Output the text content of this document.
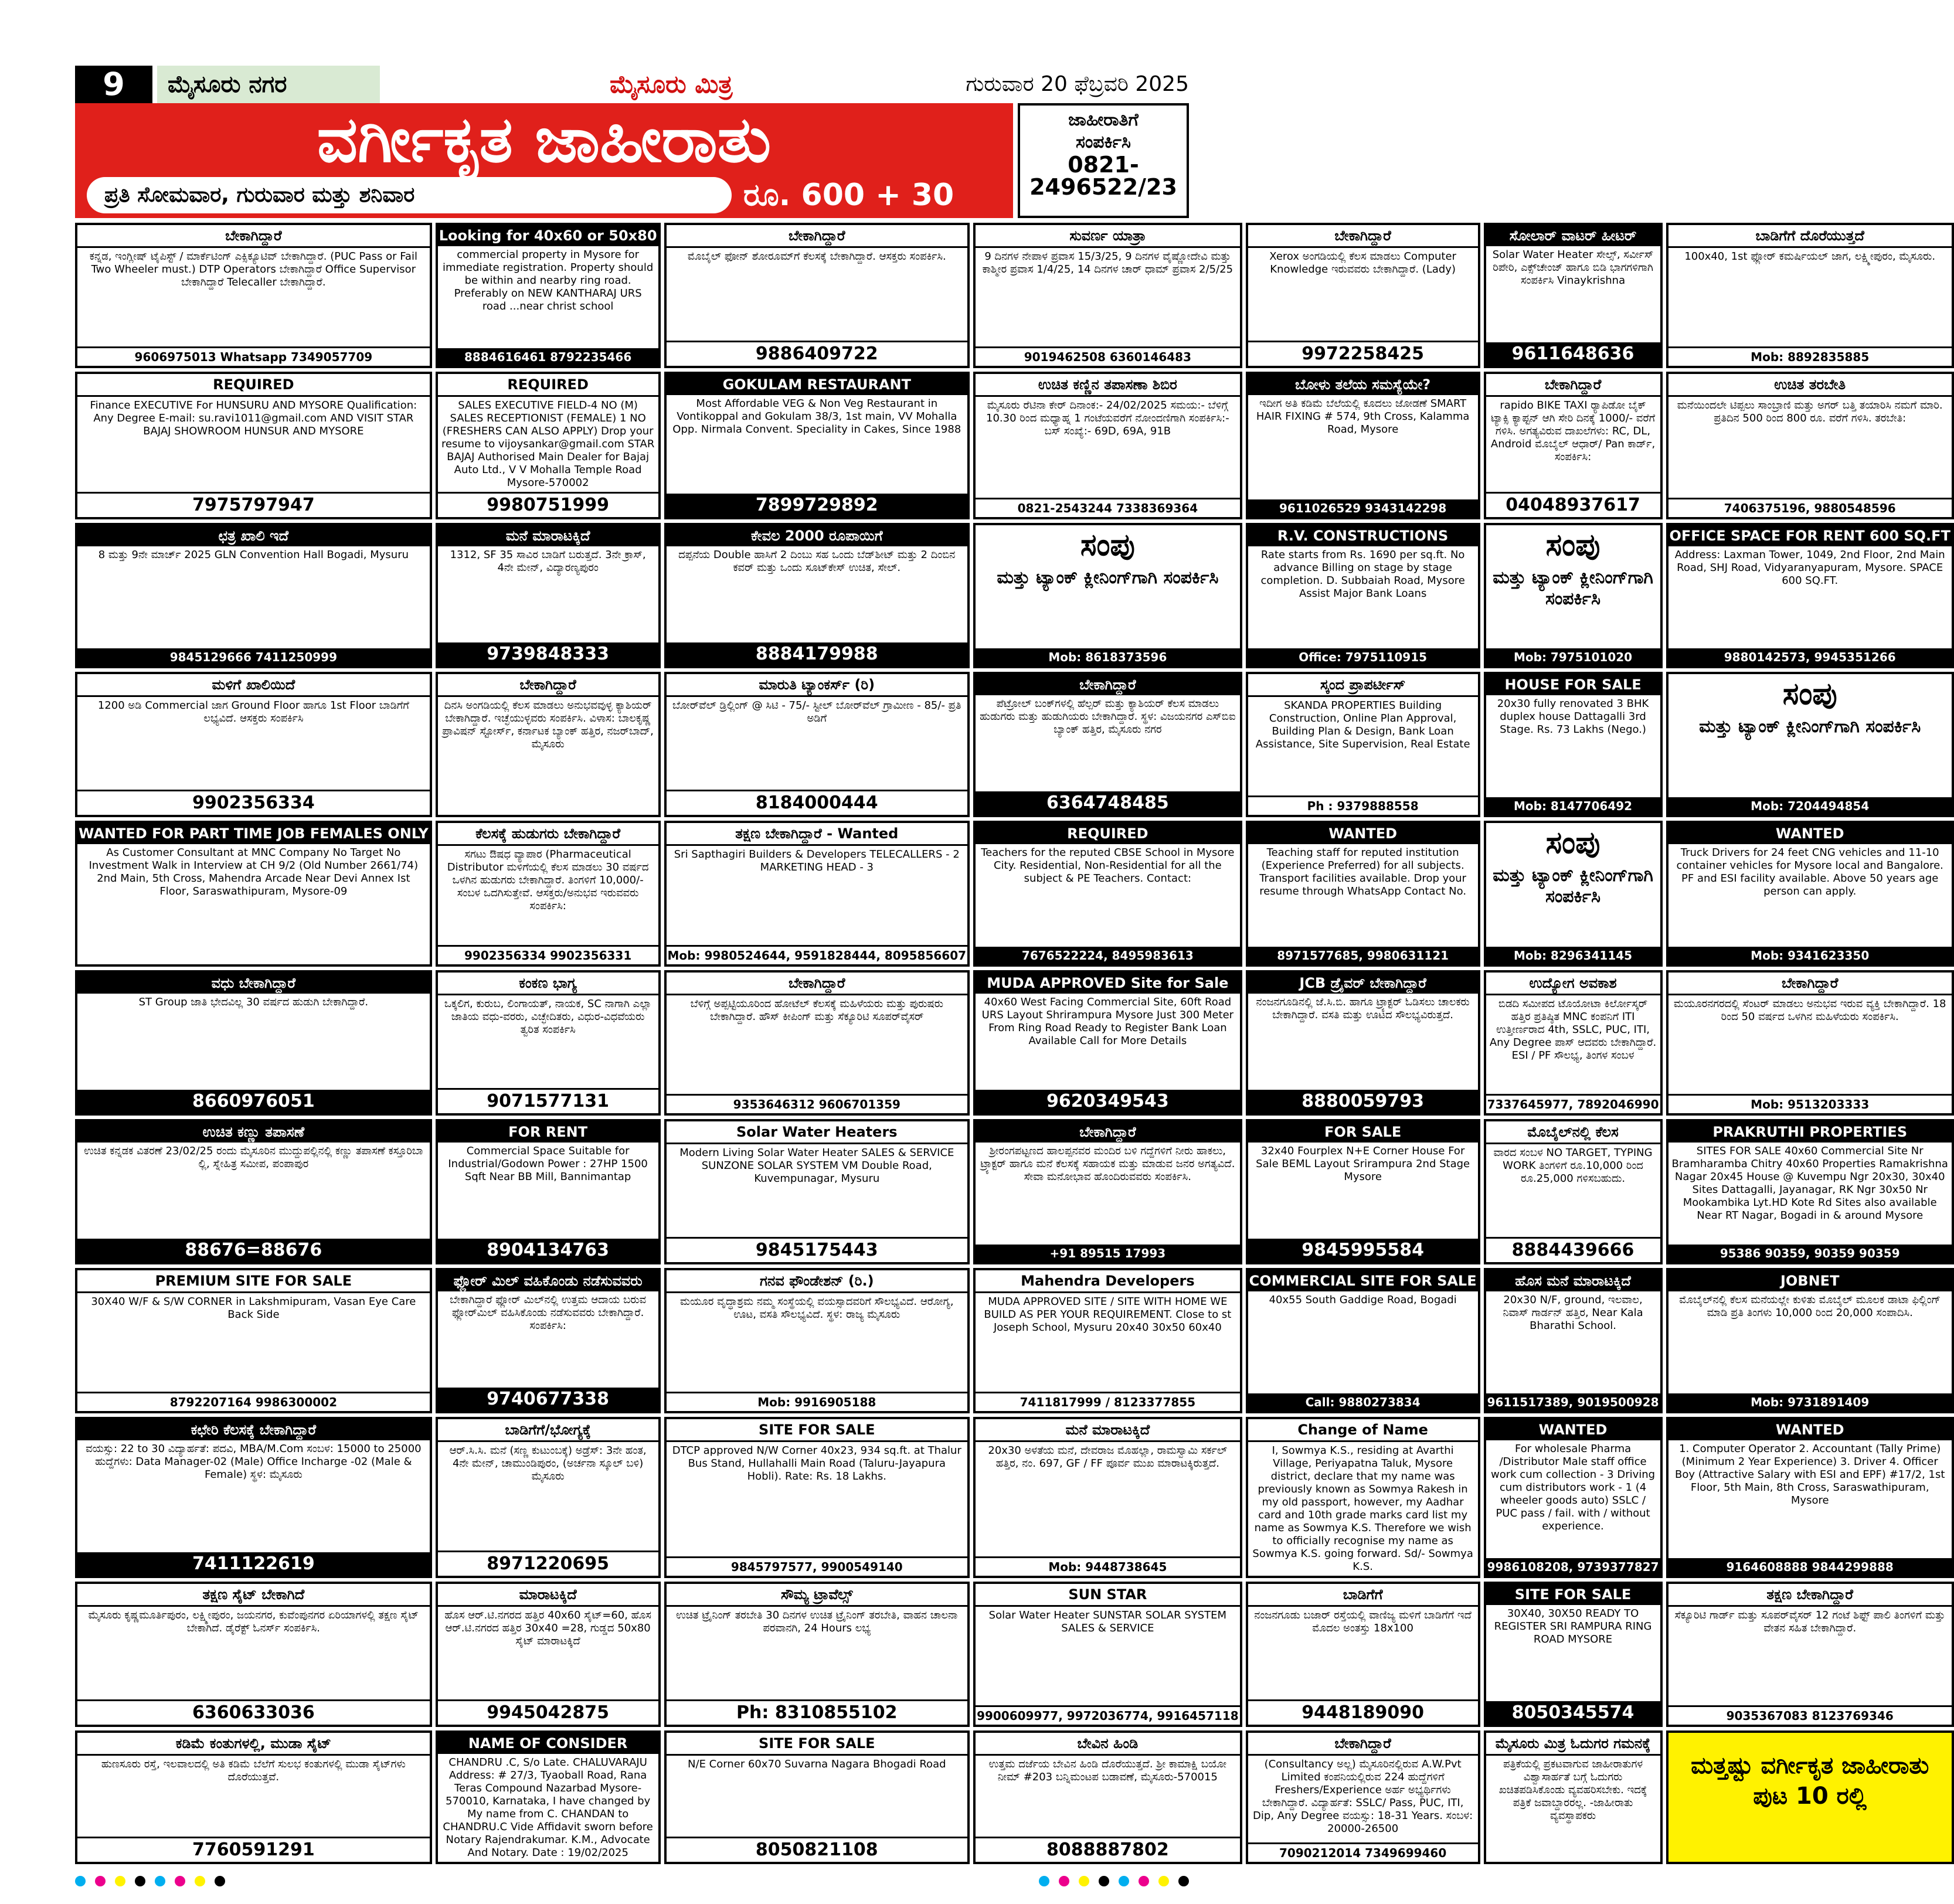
9	ಮೈಸೂರು ನಗರ	ಮೈಸೂರು ಮಿತ್ರ	ಗುರುವಾರ 20 ಫೆಬ್ರವರಿ 2025
ವರ್ಗೀಕೃತ ಜಾಹೀರಾತು
ಪ್ರತಿ ಸೋಮವಾರ, ಗುರುವಾರ ಮತ್ತು ಶನಿವಾರ	ರೂ. 600 + 30
ಜಾಹೀರಾತಿಗೆ
ಸಂಪರ್ಕಿಸಿ
0821-
2496522/23
ಬೇಕಾಗಿದ್ದಾರೆ
ಕನ್ನಡ, ಇಂಗ್ಲೀಷ್ ಟೈಪಿಸ್ಟ್ / ಮಾರ್ಕೆಟಿಂಗ್ ಎಕ್ಸಿಕ್ಯೂಟಿವ್ ಬೇಕಾಗಿದ್ದಾರೆ. (PUC Pass or Fail Two Wheeler must.) DTP Operators ಬೇಕಾಗಿದ್ದಾರೆ Office Supervisor ಬೇಕಾಗಿದ್ದಾರೆ Telecaller ಬೇಕಾಗಿದ್ದಾರೆ.
9606975013 Whatsapp 7349057709
Looking for 40x60 or 50x80
commercial property in Mysore for immediate registration. Property should be within and nearby ring road. Preferably on NEW KANTHARAJ URS road ...near christ school
8884616461 8792235466
ಬೇಕಾಗಿದ್ದಾರೆ
ಮೊಬೈಲ್ ಫೋನ್ ಶೋರೂಮ್‌ಗೆ ಕೆಲಸಕ್ಕೆ ಬೇಕಾಗಿದ್ದಾರೆ. ಆಸಕ್ತರು ಸಂಪರ್ಕಿಸಿ.
9886409722
ಸುವರ್ಣ ಯಾತ್ರಾ
9 ದಿನಗಳ ನೇಪಾಳ ಪ್ರವಾಸ 15/3/25, 9 ದಿನಗಳ ವೈಷ್ಣೋದೇವಿ ಮತ್ತು ಕಾಶ್ಮೀರ ಪ್ರವಾಸ 1/4/25, 14 ದಿನಗಳ ಚಾರ್ ಧಾಮ್ ಪ್ರವಾಸ 2/5/25
9019462508 6360146483
ಬೇಕಾಗಿದ್ದಾರೆ
Xerox ಅಂಗಡಿಯಲ್ಲಿ ಕೆಲಸ ಮಾಡಲು Computer Knowledge ಇರುವವರು ಬೇಕಾಗಿದ್ದಾರೆ. (Lady)
9972258425
ಸೋಲಾರ್ ವಾಟರ್ ಹೀಟರ್
Solar Water Heater ಸೇಲ್ಸ್, ಸರ್ವೀಸ್ ರಿಪೇರಿ, ಎಕ್ಸ್‌ಚೇಂಜ್ ಹಾಗೂ ಬಿಡಿ ಭಾಗಗಳಿಗಾಗಿ ಸಂಪರ್ಕಿಸಿ Vinaykrishna
9611648636
ಬಾಡಿಗೆಗೆ ದೊರೆಯುತ್ತದೆ
100x40, 1st ಫ್ಲೋರ್ ಕಮರ್ಷಿಯಲ್ ಜಾಗ, ಲಕ್ಷ್ಮೀಪುರಂ, ಮೈಸೂರು.
Mob: 8892835885
REQUIRED
Finance EXECUTIVE For HUNSURU AND MYSORE Qualification: Any Degree E-mail: su.ravi1011@gmail.com AND VISIT STAR BAJAJ SHOWROOM HUNSUR AND MYSORE
7975797947
REQUIRED
SALES EXECUTIVE FIELD-4 NO (M) SALES RECEPTIONIST (FEMALE) 1 NO (FRESHERS CAN ALSO APPLY) Drop your resume to vijoysankar@gmail.com STAR BAJAJ Authorised Main Dealer for Bajaj Auto Ltd., V V Mohalla Temple Road Mysore-570002
9980751999
GOKULAM RESTAURANT
Most Affordable VEG & Non Veg Restaurant in Vontikoppal and Gokulam 38/3, 1st main, VV Mohalla Opp. Nirmala Convent. Speciality in Cakes, Since 1988
7899729892
ಉಚಿತ ಕಣ್ಣಿನ ತಪಾಸಣಾ ಶಿಬಿರ
ಮೈಸೂರು ರೆಟಿನಾ ಕೇರ್ ದಿನಾಂಕ:- 24/02/2025 ಸಮಯ:- ಬೆಳಿಗ್ಗೆ 10.30 ರಿಂದ ಮಧ್ಯಾಹ್ನ 1 ಗಂಟೆಯವರೆಗೆ ನೋಂದಣಿಗಾಗಿ ಸಂಪರ್ಕಿಸಿ:- ಬಸ್ ಸಂಖ್ಯೆ:- 69D, 69A, 91B
0821-2543244 7338369364
ಬೋಳು ತಲೆಯ ಸಮಸ್ಯೆಯೇ?
ಇದೀಗ ಅತಿ ಕಡಿಮೆ ಬೆಲೆಯಲ್ಲಿ ಕೂದಲು ಜೋಡಣೆ SMART HAIR FIXING # 574, 9th Cross, Kalamma Road, Mysore
9611026529 9343142298
ಬೇಕಾಗಿದ್ದಾರೆ
rapido BIKE TAXI ರ್‍ಯಾಪಿಡೋ ಬೈಕ್ ಟ್ಯಾಕ್ಸಿ ಕ್ಯಾಪ್ಟನ್ ಆಗಿ ಸೇರಿ ದಿನಕ್ಕೆ 1000/- ವರೆಗೆ ಗಳಿಸಿ. ಅಗತ್ಯವಿರುವ ದಾಖಲೆಗಳು: RC, DL, Android ಮೊಬೈಲ್ ಆಧಾರ್/ Pan ಕಾರ್ಡ್, ಸಂಪರ್ಕಿಸಿ:
04048937617
ಉಚಿತ ತರಬೇತಿ
ಮನೆಯಿಂದಲೇ ಟಿಪ್ಪಲು ಸಾಂಬ್ರಾಣಿ ಮತ್ತು ಅಗರ್ ಬತ್ತಿ ತಯಾರಿಸಿ ನಮಗೆ ಮಾರಿ. ಪ್ರತಿದಿನ 500 ರಿಂದ 800 ರೂ. ವರೆಗೆ ಗಳಿಸಿ. ತರಬೇತಿ:
7406375196, 9880548596
ಛತ್ರ ಖಾಲಿ ಇದೆ
8 ಮತ್ತು 9ನೇ ಮಾರ್ಚ್ 2025 GLN Convention Hall Bogadi, Mysuru
9845129666 7411250999
ಮನೆ ಮಾರಾಟಕ್ಕಿದೆ
1312, SF 35 ಸಾವಿರ ಬಾಡಿಗೆ ಬರುತ್ತದೆ. 3ನೇ ಕ್ರಾಸ್, 4ನೇ ಮೇನ್, ವಿದ್ಯಾರಣ್ಯಪುರಂ
9739848333
ಕೇವಲ 2000 ರೂಪಾಯಿಗೆ
ದಪ್ಪನೆಯ Double ಹಾಸಿಗೆ 2 ದಿಂಬು ಸಹ ಒಂದು ಬೆಡ್‌ಶೀಟ್ ಮತ್ತು 2 ದಿಂಬಿನ ಕವರ್ ಮತ್ತು ಒಂದು ಸೂಟ್‌ಕೇಸ್ ಉಚಿತ, ಸೇಲ್.
8884179988
ಸಂಪು
ಮತ್ತು ಟ್ಯಾಂಕ್ ಕ್ಲೀನಿಂಗ್‌ಗಾಗಿ ಸಂಪರ್ಕಿಸಿ
Mob: 8618373596
R.V. CONSTRUCTIONS
Rate starts from Rs. 1690 per sq.ft. No advance Billing on stage by stage completion. D. Subbaiah Road, Mysore Assist Major Bank Loans
Office: 7975110915
ಸಂಪು
ಮತ್ತು ಟ್ಯಾಂಕ್ ಕ್ಲೀನಿಂಗ್‌ಗಾಗಿ ಸಂಪರ್ಕಿಸಿ
Mob: 7975101020
OFFICE SPACE FOR RENT 600 SQ.FT
Address: Laxman Tower, 1049, 2nd Floor, 2nd Main Road, SHJ Road, Vidyaranyapuram, Mysore. SPACE 600 SQ.FT.
9880142573, 9945351266
ಮಳಿಗೆ ಖಾಲಿಯಿದೆ
1200 ಅಡಿ Commercial ಜಾಗ Ground Floor ಹಾಗೂ 1st Floor ಬಾಡಿಗೆಗೆ ಲಭ್ಯವಿದೆ. ಆಸಕ್ತರು ಸಂಪರ್ಕಿಸಿ
9902356334
ಬೇಕಾಗಿದ್ದಾರೆ
ದಿನಸಿ ಅಂಗಡಿಯಲ್ಲಿ ಕೆಲಸ ಮಾಡಲು ಅನುಭವವುಳ್ಳ ಕ್ಯಾಶಿಯರ್ ಬೇಕಾಗಿದ್ದಾರೆ. ಇಚ್ಛೆಯುಳ್ಳವರು ಸಂಪರ್ಕಿಸಿ. ವಿಳಾಸ: ಬಾಲಕೃಷ್ಣ ಪ್ರಾವಿಷನ್ ಸ್ಟೋರ್ಸ್, ಕರ್ನಾಟಕ ಬ್ಯಾಂಕ್ ಹತ್ತಿರ, ನಜರ್‌ಬಾದ್, ಮೈಸೂರು
ಮಾರುತಿ ಟ್ಯಾಂಕರ್ಸ್ (ರಿ)
ಬೋರ್‌ವೆಲ್ ಡ್ರಿಲ್ಲಿಂಗ್ @ ಸಿಟಿ - 75/- ಸ್ಟೀಲ್ ಬೋರ್‌ವೆಲ್ ಗ್ರಾಮೀಣ - 85/- ಪ್ರತಿ ಅಡಿಗೆ
8184000444
ಬೇಕಾಗಿದ್ದಾರೆ
ಪೆಟ್ರೋಲ್ ಬಂಕ್‌ಗಳಲ್ಲಿ ಹೆಲ್ಪರ್ ಮತ್ತು ಕ್ಯಾಶಿಯರ್ ಕೆಲಸ ಮಾಡಲು ಹುಡುಗರು ಮತ್ತು ಹುಡುಗಿಯರು ಬೇಕಾಗಿದ್ದಾರೆ. ಸ್ಥಳ: ವಿಜಯನಗರ ಎಸ್‌ಬಿಐ ಬ್ಯಾಂಕ್ ಹತ್ತಿರ, ಮೈಸೂರು ನಗರ
6364748485
ಸ್ಕಂದ ಪ್ರಾಪರ್ಟೀಸ್
SKANDA PROPERTIES Building Construction, Online Plan Approval, Building Plan & Design, Bank Loan Assistance, Site Supervision, Real Estate
Ph : 9379888558
HOUSE FOR SALE
20x30 fully renovated 3 BHK duplex house Dattagalli 3rd Stage. Rs. 73 Lakhs (Nego.)
Mob: 8147706492
ಸಂಪು
ಮತ್ತು ಟ್ಯಾಂಕ್ ಕ್ಲೀನಿಂಗ್‌ಗಾಗಿ ಸಂಪರ್ಕಿಸಿ
Mob: 7204494854
WANTED FOR PART TIME JOB FEMALES ONLY
As Customer Consultant at MNC Company No Target No Investment Walk in Interview at CH 9/2 (Old Number 2661/74) 2nd Main, 5th Cross, Mahendra Arcade Near Devi Annex Ist Floor, Saraswathipuram, Mysore-09
ಕೆಲಸಕ್ಕೆ ಹುಡುಗರು ಬೇಕಾಗಿದ್ದಾರೆ
ಸಗಟು ಔಷಧ ವ್ಯಾಪಾರ (Pharmaceutical Distributor ಮಳಿಗೆಯಲ್ಲಿ ಕೆಲಸ ಮಾಡಲು 30 ವರ್ಷದ ಒಳಗಿನ ಹುಡುಗರು ಬೇಕಾಗಿದ್ದಾರೆ. ತಿಂಗಳಿಗೆ 10,000/- ಸಂಬಳ ಒದಗಿಸುತ್ತೇವೆ. ಆಸಕ್ತರು/ಅನುಭವ ಇರುವವರು ಸಂಪರ್ಕಿಸಿ:
9902356334 9902356331
ತಕ್ಷಣ ಬೇಕಾಗಿದ್ದಾರೆ - Wanted
Sri Sapthagiri Builders & Developers TELECALLERS - 2 MARKETING HEAD - 3
Mob: 9980524644, 9591828444, 8095856607
REQUIRED
Teachers for the reputed CBSE School in Mysore City. Residential, Non-Residential for all the subject & PE Teachers. Contact:
7676522224, 8495983613
WANTED
Teaching staff for reputed institution (Experience Preferred) for all subjects. Transport facilities available. Drop your resume through WhatsApp Contact No.
8971577685, 9980631121
ಸಂಪು
ಮತ್ತು ಟ್ಯಾಂಕ್ ಕ್ಲೀನಿಂಗ್‌ಗಾಗಿ ಸಂಪರ್ಕಿಸಿ
Mob: 8296341145
WANTED
Truck Drivers for 24 feet CNG vehicles and 11-10 container vehicles for Mysore local and Bangalore. PF and ESI facility available. Above 50 years age person can apply.
Mob: 9341623350
ವಧು ಬೇಕಾಗಿದ್ದಾರೆ
ST Group ಜಾತಿ ಭೇದವಿಲ್ಲ 30 ವರ್ಷದ ಹುಡುಗಿ ಬೇಕಾಗಿದ್ದಾರೆ.
8660976051
ಕಂಕಣ ಭಾಗ್ಯ
ಒಕ್ಕಲಿಗ, ಕುರುಬ, ಲಿಂಗಾಯತ್, ನಾಯಕ, SC ನಾಗಾಗಿ ಎಲ್ಲಾ ಜಾತಿಯ ವಧು-ವರರು, ವಿಚ್ಛೇದಿತರು, ವಿಧುರ-ವಿಧವೆಯರು ತ್ವರಿತ ಸಂಪರ್ಕಿಸಿ
9071577131
ಬೇಕಾಗಿದ್ದಾರೆ
ಬೆಳಿಗ್ಗೆ ಅಪ್ಪಟ್ಟಿಯೂರಿಂದ ಹೋಟೆಲ್ ಕೆಲಸಕ್ಕೆ ಮಹಿಳೆಯರು ಮತ್ತು ಪುರುಷರು ಬೇಕಾಗಿದ್ದಾರೆ. ಹೌಸ್ ಕೀಪಿಂಗ್ ಮತ್ತು ಸೆಕ್ಯೂರಿಟಿ ಸೂಪರ್‌ವೈಸರ್
9353646312 9606701359
MUDA APPROVED Site for Sale
40x60 West Facing Commercial Site, 60ft Road URS Layout Shrirampura Mysore Just 300 Meter From Ring Road Ready to Register Bank Loan Available Call for More Details
9620349543
JCB ಡ್ರೈವರ್ ಬೇಕಾಗಿದ್ದಾರೆ
ನಂಜನಗೂಡಿನಲ್ಲಿ ಜೆ.ಸಿ.ಬಿ. ಹಾಗೂ ಟ್ರ್ಯಾಕ್ಟರ್ ಓಡಿಸಲು ಚಾಲಕರು ಬೇಕಾಗಿದ್ದಾರೆ. ವಸತಿ ಮತ್ತು ಊಟದ ಸೌಲಭ್ಯವಿರುತ್ತದೆ.
8880059793
ಉದ್ಯೋಗ ಅವಕಾಶ
ಬಿಡದಿ ಸಮೀಪದ ಟೊಯೋಟಾ ಕಿರ್ಲೋಸ್ಕರ್ ಹತ್ತಿರ ಪ್ರತಿಷ್ಠಿತ MNC ಕಂಪನಿಗೆ ITI ಉತ್ತೀರ್ಣರಾದ 4th, SSLC, PUC, ITI, Any Degree ಪಾಸ್ ಆದವರು ಬೇಕಾಗಿದ್ದಾರೆ. ESI / PF ಸೌಲಭ್ಯ, ತಿಂಗಳ ಸಂಬಳ
7337645977, 7892046990
ಬೇಕಾಗಿದ್ದಾರೆ
ಮಯೂರನಗರದಲ್ಲಿ ಸೆಂಟರ್ ಮಾಡಲು ಅನುಭವ ಇರುವ ವ್ಯಕ್ತಿ ಬೇಕಾಗಿದ್ದಾರೆ. 18 ರಿಂದ 50 ವರ್ಷದ ಒಳಗಿನ ಮಹಿಳೆಯರು ಸಂಪರ್ಕಿಸಿ.
Mob: 9513203333
ಉಚಿತ ಕಣ್ಣು ತಪಾಸಣೆ
ಉಚಿತ ಕನ್ನಡಕ ವಿತರಣೆ 23/02/25 ರಂದು ಮೈಸೂರಿನ ಮುದ್ದುಪಲ್ಲಿನಲ್ಲಿ ಕಣ್ಣು ತಪಾಸಣೆ ಕಸ್ತೂರಿಬಾ ಲ್ಲಿ, ಸ್ನೇಹಿತ್ರ ಸಮೀಪ, ಪಂಪಾಪುರ
88676=88676
FOR RENT
Commercial Space Suitable for Industrial/Godown Power : 27HP 1500 Sqft Near BB Mill, Bannimantap
8904134763
Solar Water Heaters
Modern Living Solar Water Heater SALES & SERVICE SUNZONE SOLAR SYSTEM VM Double Road, Kuvempunagar, Mysuru
9845175443
ಬೇಕಾಗಿದ್ದಾರೆ
ಶ್ರೀರಂಗಪಟ್ಟಣದ ಹಾಲಪ್ಪನವರ ಮಂದಿರ ಬಳಿ ಗದ್ದೆಗಳಿಗೆ ನೀರು ಹಾಕಲು, ಟ್ರ್ಯಾಕ್ಟರ್ ಹಾಗೂ ಮನೆ ಕೆಲಸಕ್ಕೆ ಸಹಾಯಕ ಮತ್ತು ಮಾಡುವ ಜನರ ಅಗತ್ಯವಿದೆ. ಸೇವಾ ಮನೋಭಾವ ಹೊಂದಿರುವವರು ಸಂಪರ್ಕಿಸಿ.
+91 89515 17993
FOR SALE
32x40 Fourplex N+E Corner House For Sale BEML Layout Srirampura 2nd Stage Mysore
9845995584
ಮೊಬೈಲ್‌ನಲ್ಲಿ ಕೆಲಸ
ವಾರದ ಸಂಬಳ NO TARGET, TYPING WORK ತಿಂಗಳಿಗೆ ರೂ.10,000 ರಿಂದ ರೂ.25,000 ಗಳಿಸಬಹುದು.
8884439666
PRAKRUTHI PROPERTIES
SITES FOR SALE 40x60 Commercial Site Nr Bramharamba Chitry 40x60 Properties Ramakrishna Nagar 20x45 House @ Kuvempu Ngr 20x30, 30x40 Sites Dattagalli, Jayanagar, RK Ngr 30x50 Nr Mookambika Lyt.HD Kote Rd Sites also available Near RT Nagar, Bogadi in & around Mysore
95386 90359, 90359 90359
PREMIUM SITE FOR SALE
30X40 W/F & S/W CORNER in Lakshmipuram, Vasan Eye Care Back Side
8792207164 9986300002
ಫ್ಲೋರ್ ಮಿಲ್ ವಹಿಕೊಂಡು ನಡೆಸುವವರು
ಬೇಕಾಗಿದ್ದಾರೆ ಫ್ಲೋರ್ ಮಿಲ್‌ನಲ್ಲಿ ಉತ್ತಮ ಆದಾಯ ಬರುವ ಫ್ಲೋರ್‌ಮಿಲ್ ವಹಿಸಿಕೊಂಡು ನಡೆಸುವವರು ಬೇಕಾಗಿದ್ದಾರೆ. ಸಂಪರ್ಕಿಸಿ:
9740677338
ಗನವ ಫೌಂಡೇಶನ್ (ರಿ.)
ಮಯೂರ ವೃದ್ಧಾಶ್ರಮ ನಮ್ಮ ಸಂಸ್ಥೆಯಲ್ಲಿ ವಯಸ್ಸಾದವರಿಗೆ ಸೌಲಭ್ಯವಿದೆ. ಆರೋಗ್ಯ, ಊಟ, ವಸತಿ ಸೌಲಭ್ಯವಿದೆ. ಸ್ಥಳ: ರಾಜ್ಯ ಮೈಸೂರು
Mob: 9916905188
Mahendra Developers
MUDA APPROVED SITE / SITE WITH HOME WE BUILD AS PER YOUR REQUIREMENT. Close to st Joseph School, Mysuru 20x40 30x50 60x40
7411817999 / 8123377855
COMMERCIAL SITE FOR SALE
40x55 South Gaddige Road, Bogadi
Call: 9880273834
ಹೊಸ ಮನೆ ಮಾರಾಟಕ್ಕಿದೆ
20x30 N/F, ground, ಇಲವಾಲ, ನಿವಾಸ್ ಗಾರ್ಡನ್ ಹತ್ತಿರ, Near Kala Bharathi School.
9611517389, 9019500928
JOBNET
ಮೊಬೈಲ್‌ನಲ್ಲಿ ಕೆಲಸ ಮನೆಯಲ್ಲೇ ಕುಳಿತು ಮೊಬೈಲ್ ಮೂಲಕ ಡಾಟಾ ಫಿಲ್ಲಿಂಗ್ ಮಾಡಿ ಪ್ರತಿ ತಿಂಗಳು 10,000 ರಿಂದ 20,000 ಸಂಪಾದಿಸಿ.
Mob: 9731891409
ಕಛೇರಿ ಕೆಲಸಕ್ಕೆ ಬೇಕಾಗಿದ್ದಾರೆ
ವಯಸ್ಸು: 22 to 30 ವಿದ್ಯಾರ್ಹತೆ: ಪದವಿ, MBA/M.Com ಸಂಬಳ: 15000 to 25000 ಹುದ್ದೆಗಳು: Data Manager-02 (Male) Office Incharge -02 (Male & Female) ಸ್ಥಳ: ಮೈಸೂರು
7411122619
ಬಾಡಿಗೆಗೆ/ಭೋಗ್ಯಕ್ಕೆ
ಆರ್.ಸಿ.ಸಿ. ಮನೆ (ಸಣ್ಣ ಕುಟುಂಬಕ್ಕೆ) ಅಡ್ರೆಸ್: 3ನೇ ಹಂತ, 4ನೇ ಮೇನ್, ಚಾಮುಂಡಿಪುರಂ, (ಅರ್ಚನಾ ಸ್ಕೂಲ್ ಬಳಿ) ಮೈಸೂರು
8971220695
SITE FOR SALE
DTCP approved N/W Corner 40x23, 934 sq.ft. at Thalur Bus Stand, Hullahalli Main Road (Taluru-Jayapura Hobli). Rate: Rs. 18 Lakhs.
9845797577, 9900549140
ಮನೆ ಮಾರಾಟಕ್ಕಿದೆ
20x30 ಅಳತೆಯ ಮನೆ, ದೇವರಾಜ ಮೊಹಲ್ಲಾ, ರಾಮಸ್ವಾಮಿ ಸರ್ಕಲ್ ಹತ್ತಿರ, ನಂ. 697, GF / FF ಪೂರ್ವ ಮುಖ ಮಾರಾಟಕ್ಕಿರುತ್ತದೆ.
Mob: 9448738645
Change of Name
I, Sowmya K.S., residing at Avarthi Village, Periyapatna Taluk, Mysore district, declare that my name was previously known as Sowmya Rakesh in my old passport, however, my Aadhar card and 10th grade marks card list my name as Sowmya K.S. Therefore we wish to officially recognise my name as Sowmya K.S. going forward. Sd/- Sowmya K.S.
WANTED
For wholesale Pharma /Distributor Male staff office work cum collection - 3 Driving cum distributors work - 1 (4 wheeler goods auto) SSLC / PUC pass / fail. with / without experience.
9986108208, 9739377827
WANTED
1. Computer Operator 2. Accountant (Tally Prime) (Minimum 2 Year Experience) 3. Driver 4. Officer Boy (Attractive Salary with ESI and EPF) #17/2, 1st Floor, 5th Main, 8th Cross, Saraswathipuram, Mysore
9164608888 9844299888
ತಕ್ಷಣ ಸೈಟ್ ಬೇಕಾಗಿದೆ
ಮೈಸೂರು ಕೃಷ್ಣಮೂರ್ತಿಪುರಂ, ಲಕ್ಷ್ಮೀಪುರಂ, ಜಯನಗರ, ಕುವೆಂಪುನಗರ ಏರಿಯಾಗಳಲ್ಲಿ ತಕ್ಷಣ ಸೈಟ್ ಬೇಕಾಗಿದೆ. ಡೈರೆಕ್ಟ್ ಓನರ್ಸ್ ಸಂಪರ್ಕಿಸಿ.
6360633036
ಮಾರಾಟಕ್ಕಿದೆ
ಹೊಸ ಆರ್.ಟಿ.ನಗರದ ಹತ್ತಿರ 40x60 ಸೈಟ್=60, ಹೊಸ ಆರ್.ಟಿ.ನಗರದ ಹತ್ತಿರ 30x40 =28, ಗುಡ್ಡದ 50x80 ಸೈಟ್ ಮಾರಾಟಕ್ಕಿದೆ
9945042875
ಸೌಮ್ಯ ಟ್ರಾವೆಲ್ಸ್
ಉಚಿತ ಟ್ರೈನಿಂಗ್ ತರಬೇತಿ 30 ದಿನಗಳ ಉಚಿತ ಟ್ರೈನಿಂಗ್ ತರಬೇತಿ, ವಾಹನ ಚಾಲನಾ ಪರವಾನಗಿ, 24 Hours ಲಭ್ಯ
Ph: 8310855102
SUN STAR
Solar Water Heater SUNSTAR SOLAR SYSTEM SALES & SERVICE
9900609977, 9972036774, 9916457118
ಬಾಡಿಗೆಗೆ
ನಂಜನಗೂಡು ಬಜಾರ್ ರಸ್ತೆಯಲ್ಲಿ ವಾಣಿಜ್ಯ ಮಳಿಗೆ ಬಾಡಿಗೆಗೆ ಇದೆ ಮೊದಲ ಅಂತಸ್ತು 18x100
9448189090
SITE FOR SALE
30X40, 30X50 READY TO REGISTER SRI RAMPURA RING ROAD MYSORE
8050345574
ತಕ್ಷಣ ಬೇಕಾಗಿದ್ದಾರೆ
ಸೆಕ್ಯೂರಿಟಿ ಗಾರ್ಡ್ ಮತ್ತು ಸೂಪರ್‌ವೈಸರ್ 12 ಗಂಟೆ ಶಿಫ್ಟ್ ಪಾಲಿ ತಿಂಗಳಿಗೆ ಮತ್ತು ವೇತನ ಸಹಿತ ಬೇಕಾಗಿದ್ದಾರೆ.
9035367083 8123769346
ಕಡಿಮೆ ಕಂತುಗಳಲ್ಲಿ, ಮುಡಾ ಸೈಟ್
ಹುಣಸೂರು ರಸ್ತೆ, ಇಲವಾಲದಲ್ಲಿ ಅತಿ ಕಡಿಮೆ ಬೆಲೆಗೆ ಸುಲಭ ಕಂತುಗಳಲ್ಲಿ ಮುಡಾ ಸೈಟ್‌ಗಳು ದೊರೆಯುತ್ತವೆ.
7760591291
NAME OF CONSIDER
CHANDRU .C, S/o Late. CHALUVARAJU Address: # 27/3, Tyaoball Road, Rana Teras Compound Nazarbad Mysore-570010, Karnataka, I have changed by My name from C. CHANDAN to CHANDRU.C Vide Affidavit sworn before Notary Rajendrakumar. K.M., Advocate And Notary. Date : 19/02/2025
SITE FOR SALE
N/E Corner 60x70 Suvarna Nagara Bhogadi Road
8050821108
ಬೇವಿನ ಹಿಂಡಿ
ಉತ್ತಮ ದರ್ಜೆಯ ಬೇವಿನ ಹಿಂಡಿ ದೊರೆಯುತ್ತದೆ. ಶ್ರೀ ಕಾಮಾಕ್ಷಿ ಬಯೋ ನೀಮ್ #203 ಬನ್ನಿಮಂಟಪ ಬಡಾವಣೆ, ಮೈಸೂರು-570015
8088887802
ಬೇಕಾಗಿದ್ದಾರೆ
(Consultancy ಅಲ್ಲ) ಮೈಸೂರಿನಲ್ಲಿರುವ A.W.Pvt Limited ಕಂಪನಿಯಲ್ಲಿರುವ 224 ಹುದ್ದೆಗಳಿಗೆ Freshers/Experience ಅರ್ಹ ಅಭ್ಯರ್ಥಿಗಳು ಬೇಕಾಗಿದ್ದಾರೆ. ವಿದ್ಯಾರ್ಹತೆ: SSLC/ Pass, PUC, ITI, Dip, Any Degree ವಯಸ್ಸು: 18-31 Years. ಸಂಬಳ: 20000-26500
7090212014 7349699460
ಮೈಸೂರು ಮಿತ್ರ ಓದುಗರ ಗಮನಕ್ಕೆ
ಪತ್ರಿಕೆಯಲ್ಲಿ ಪ್ರಕಟವಾಗುವ ಜಾಹೀರಾತುಗಳ ವಿಶ್ವಾಸಾರ್ಹತೆ ಬಗ್ಗೆ ಓದುಗರು ಖಚಿತಪಡಿಸಿಕೊಂಡು ವ್ಯವಹರಿಸಬೇಕು. ಇದಕ್ಕೆ ಪತ್ರಿಕೆ ಜವಾಬ್ದಾರರಲ್ಲ. -ಜಾಹೀರಾತು ವ್ಯವಸ್ಥಾಪಕರು
ಮತ್ತಷ್ಟು ವರ್ಗೀಕೃತ ಜಾಹೀರಾತು ಪುಟ 10 ರಲ್ಲಿ
